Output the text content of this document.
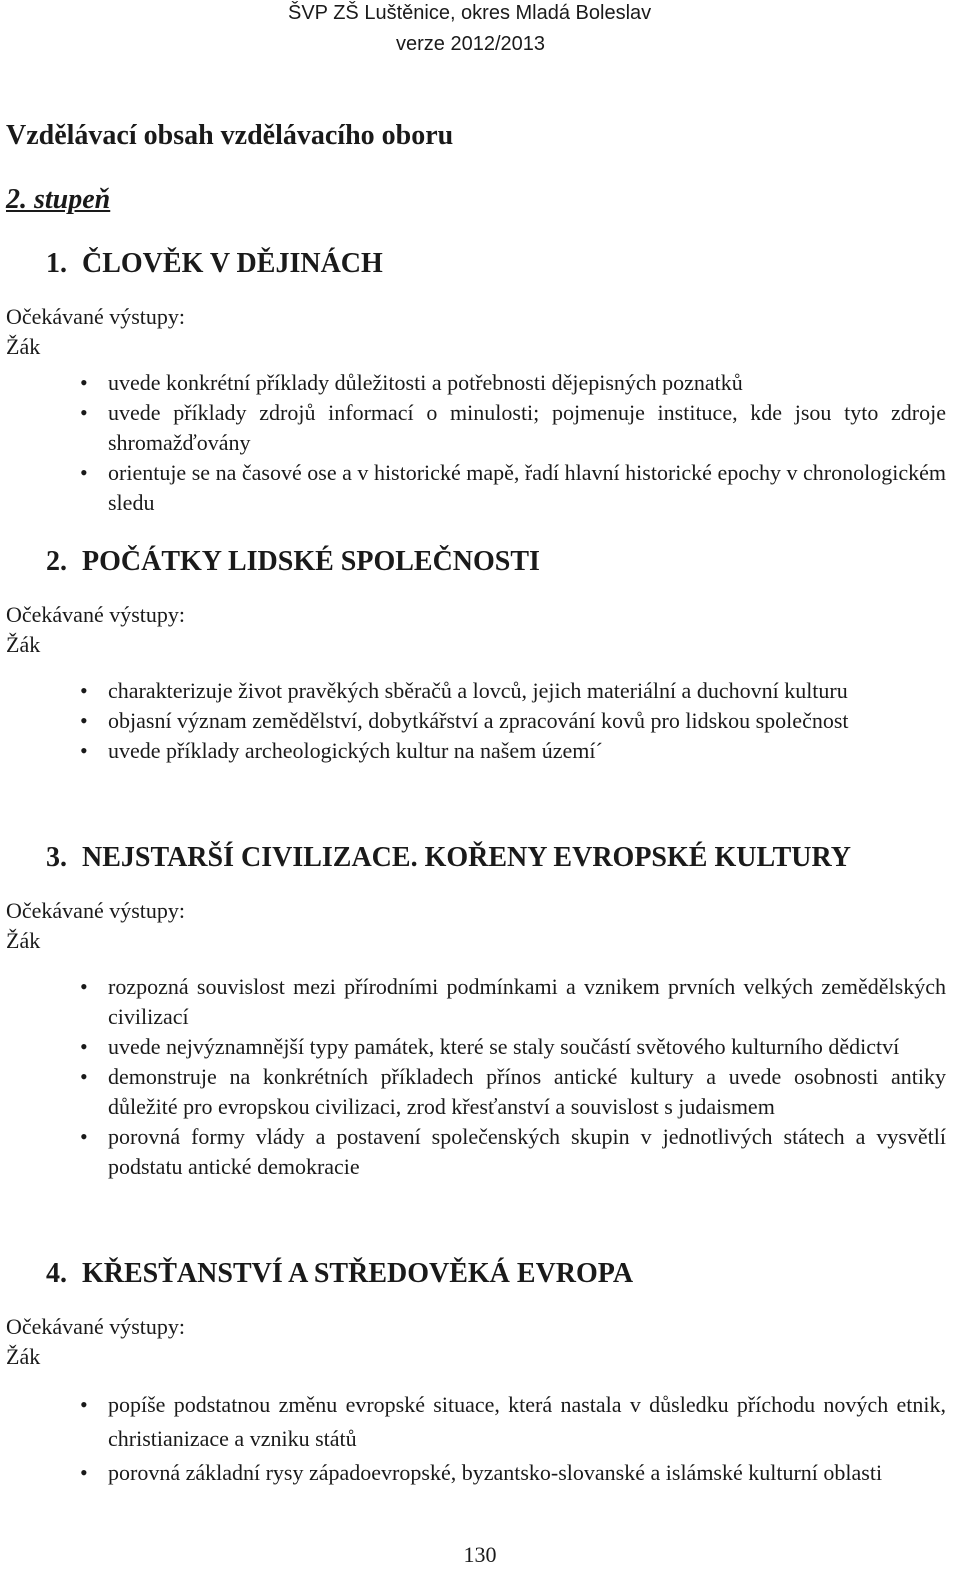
ŠVP ZŠ Luštěnice, okres Mladá Boleslav
verze 2012/2013
Vzdělávací obsah vzdělávacího oboru
2. stupeň
1. ČLOVĚK V DĚJINÁCH
Očekávané výstupy:
Žák
• uvede konkrétní příklady důležitosti a potřebnosti dějepisných poznatků
• uvede příklady zdrojů informací o minulosti; pojmenuje instituce, kde jsou tyto zdroje shromažďovány
• orientuje se na časové ose a v historické mapě, řadí hlavní historické epochy v chronologickém sledu
2. POČÁTKY LIDSKÉ SPOLEČNOSTI
Očekávané výstupy:
Žák
• charakterizuje život pravěkých sběračů a lovců, jejich materiální a duchovní kulturu
• objasní význam zemědělství, dobytkářství a zpracování kovů pro lidskou společnost
• uvede příklady archeologických kultur na našem území´
3. NEJSTARŠÍ CIVILIZACE. KOŘENY EVROPSKÉ KULTURY
Očekávané výstupy:
Žák
• rozpozná souvislost mezi přírodními podmínkami a vznikem prvních velkých zemědělských civilizací
• uvede nejvýznamnější typy památek, které se staly součástí světového kulturního dědictví
• demonstruje na konkrétních příkladech přínos antické kultury a uvede osobnosti antiky důležité pro evropskou civilizaci, zrod křesťanství a souvislost s judaismem
• porovná formy vlády a postavení společenských skupin v jednotlivých státech a vysvětlí podstatu antické demokracie
4. KŘESŤANSTVÍ A STŘEDOVĚKÁ EVROPA
Očekávané výstupy:
Žák
• popíše podstatnou změnu evropské situace, která nastala v důsledku příchodu nových etnik, christianizace a vzniku států
• porovná základní rysy západoevropské, byzantsko-slovanské a islámské kulturní oblasti
130
